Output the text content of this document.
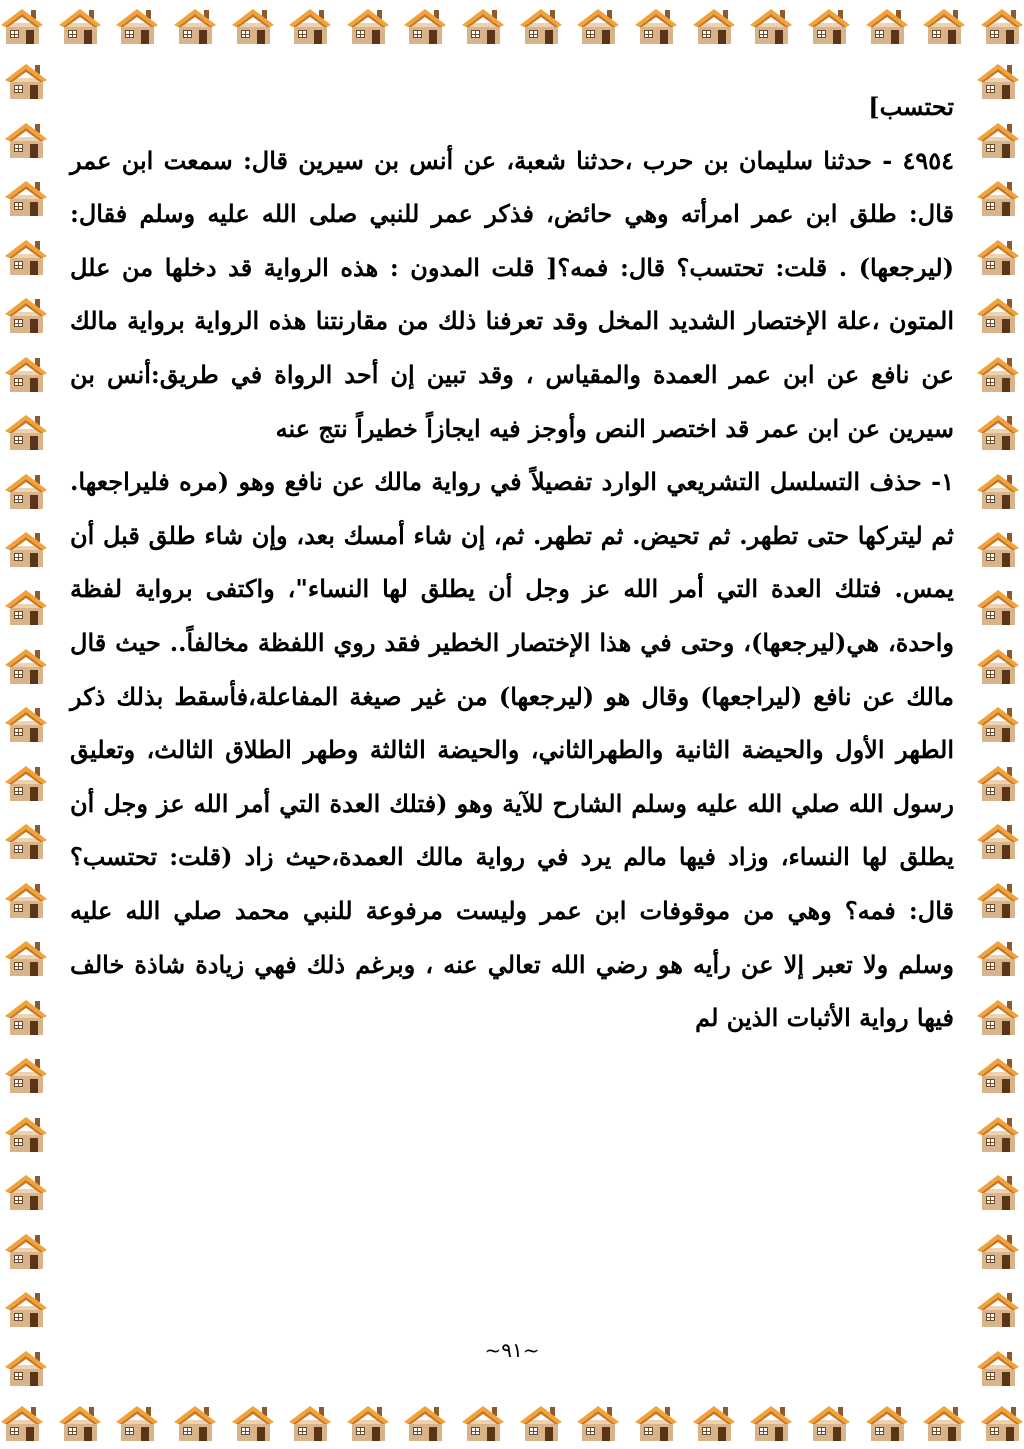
تحتسب]

٤٩٥٤ - حدثنا سليمان بن حرب ،حدثنا شعبة، عن أنس بن سيرين قال: سمعت ابن عمر قال: طلق ابن عمر امرأته وهي حائض، فذكر عمر للنبي صلى الله عليه وسلم فقال: (ليرجعها) . قلت: تحتسب؟ قال: فمه؟[ قلت المدون : هذه الرواية قد دخلها من علل المتون ،علة الإختصار الشديد المخل وقد تعرفنا ذلك من مقارنتنا هذه الرواية برواية مالك عن نافع عن ابن عمر العمدة والمقياس ، وقد تبين إن أحد الرواة في طريق:أنس بن سيرين عن ابن عمر قد اختصر النص وأوجز فيه ايجازاً خطيراً نتج عنه

١- حذف التسلسل التشريعي الوارد تفصيلاً في رواية مالك عن نافع وهو (مره فليراجعها. ثم ليتركها حتى تطهر. ثم تحيض. ثم تطهر. ثم، إن شاء أمسك بعد، وإن شاء طلق قبل أن يمس. فتلك العدة التي أمر الله عز وجل أن يطلق لها النساء"، واكتفى برواية لفظة واحدة، هي(ليرجعها)، وحتى في هذا الإختصار الخطير فقد روي اللفظة مخالفاً.. حيث قال مالك عن نافع (ليراجعها) وقال هو (ليرجعها) من غير صيغة المفاعلة،فأسقط بذلك ذكر الطهر الأول والحيضة الثانية والطهرالثاني، والحيضة الثالثة وطهر الطلاق الثالث، وتعليق رسول الله صلي الله عليه وسلم الشارح للآية وهو (فتلك العدة التي أمر الله عز وجل أن يطلق لها النساء، وزاد فيها مالم يرد في رواية مالك العمدة،حيث زاد (قلت: تحتسب؟ قال: فمه؟ وهي من موقوفات ابن عمر وليست مرفوعة للنبي محمد صلي الله عليه وسلم ولا تعبر إلا عن رأيه هو رضي الله تعالي عنه ، وبرغم ذلك فهي زيادة شاذة خالف فيها رواية الأثبات الذين لم

~٩١~
